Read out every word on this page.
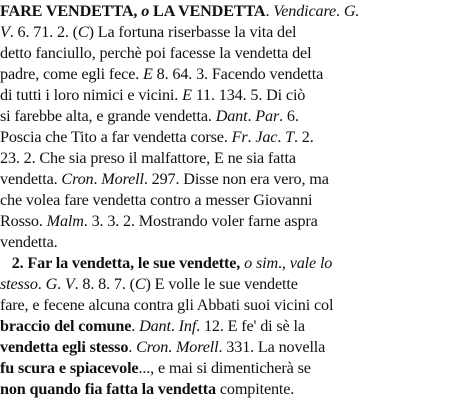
FARE VENDETTA, o LA VENDETTA. Vendicare. G.
V. 6. 71. 2. (C) La fortuna riserbasse la vita del
detto fanciullo, perchè poi facesse la vendetta del
padre, come egli fece. E 8. 64. 3. Facendo vendetta
di tutti i loro nimici e vicini. E 11. 134. 5. Di ciò
si farebbe alta, e grande vendetta. Dant. Par. 6.
Poscia che Tito a far vendetta corse. Fr. Jac. T. 2.
23. 2. Che sia preso il malfattore, E ne sia fatta
vendetta. Cron. Morell. 297. Disse non era vero, ma
che volea fare vendetta contro a messer Giovanni
Rosso. Malm. 3. 3. 2. Mostrando voler farne aspra
vendetta.
2. Far la vendetta, le sue vendette, o sim., vale lo
stesso. G. V. 8. 8. 7. (C) E volle le sue vendette
fare, e fecene alcuna contra gli Abbati suoi vicini col
braccio del comune. Dant. Inf. 12. E fe' di sè la
vendetta egli stesso. Cron. Morell. 331. La novella
fu scura e spiacevole..., e mai si dimenticherà se
non quando fia fatta la vendetta compitente.
